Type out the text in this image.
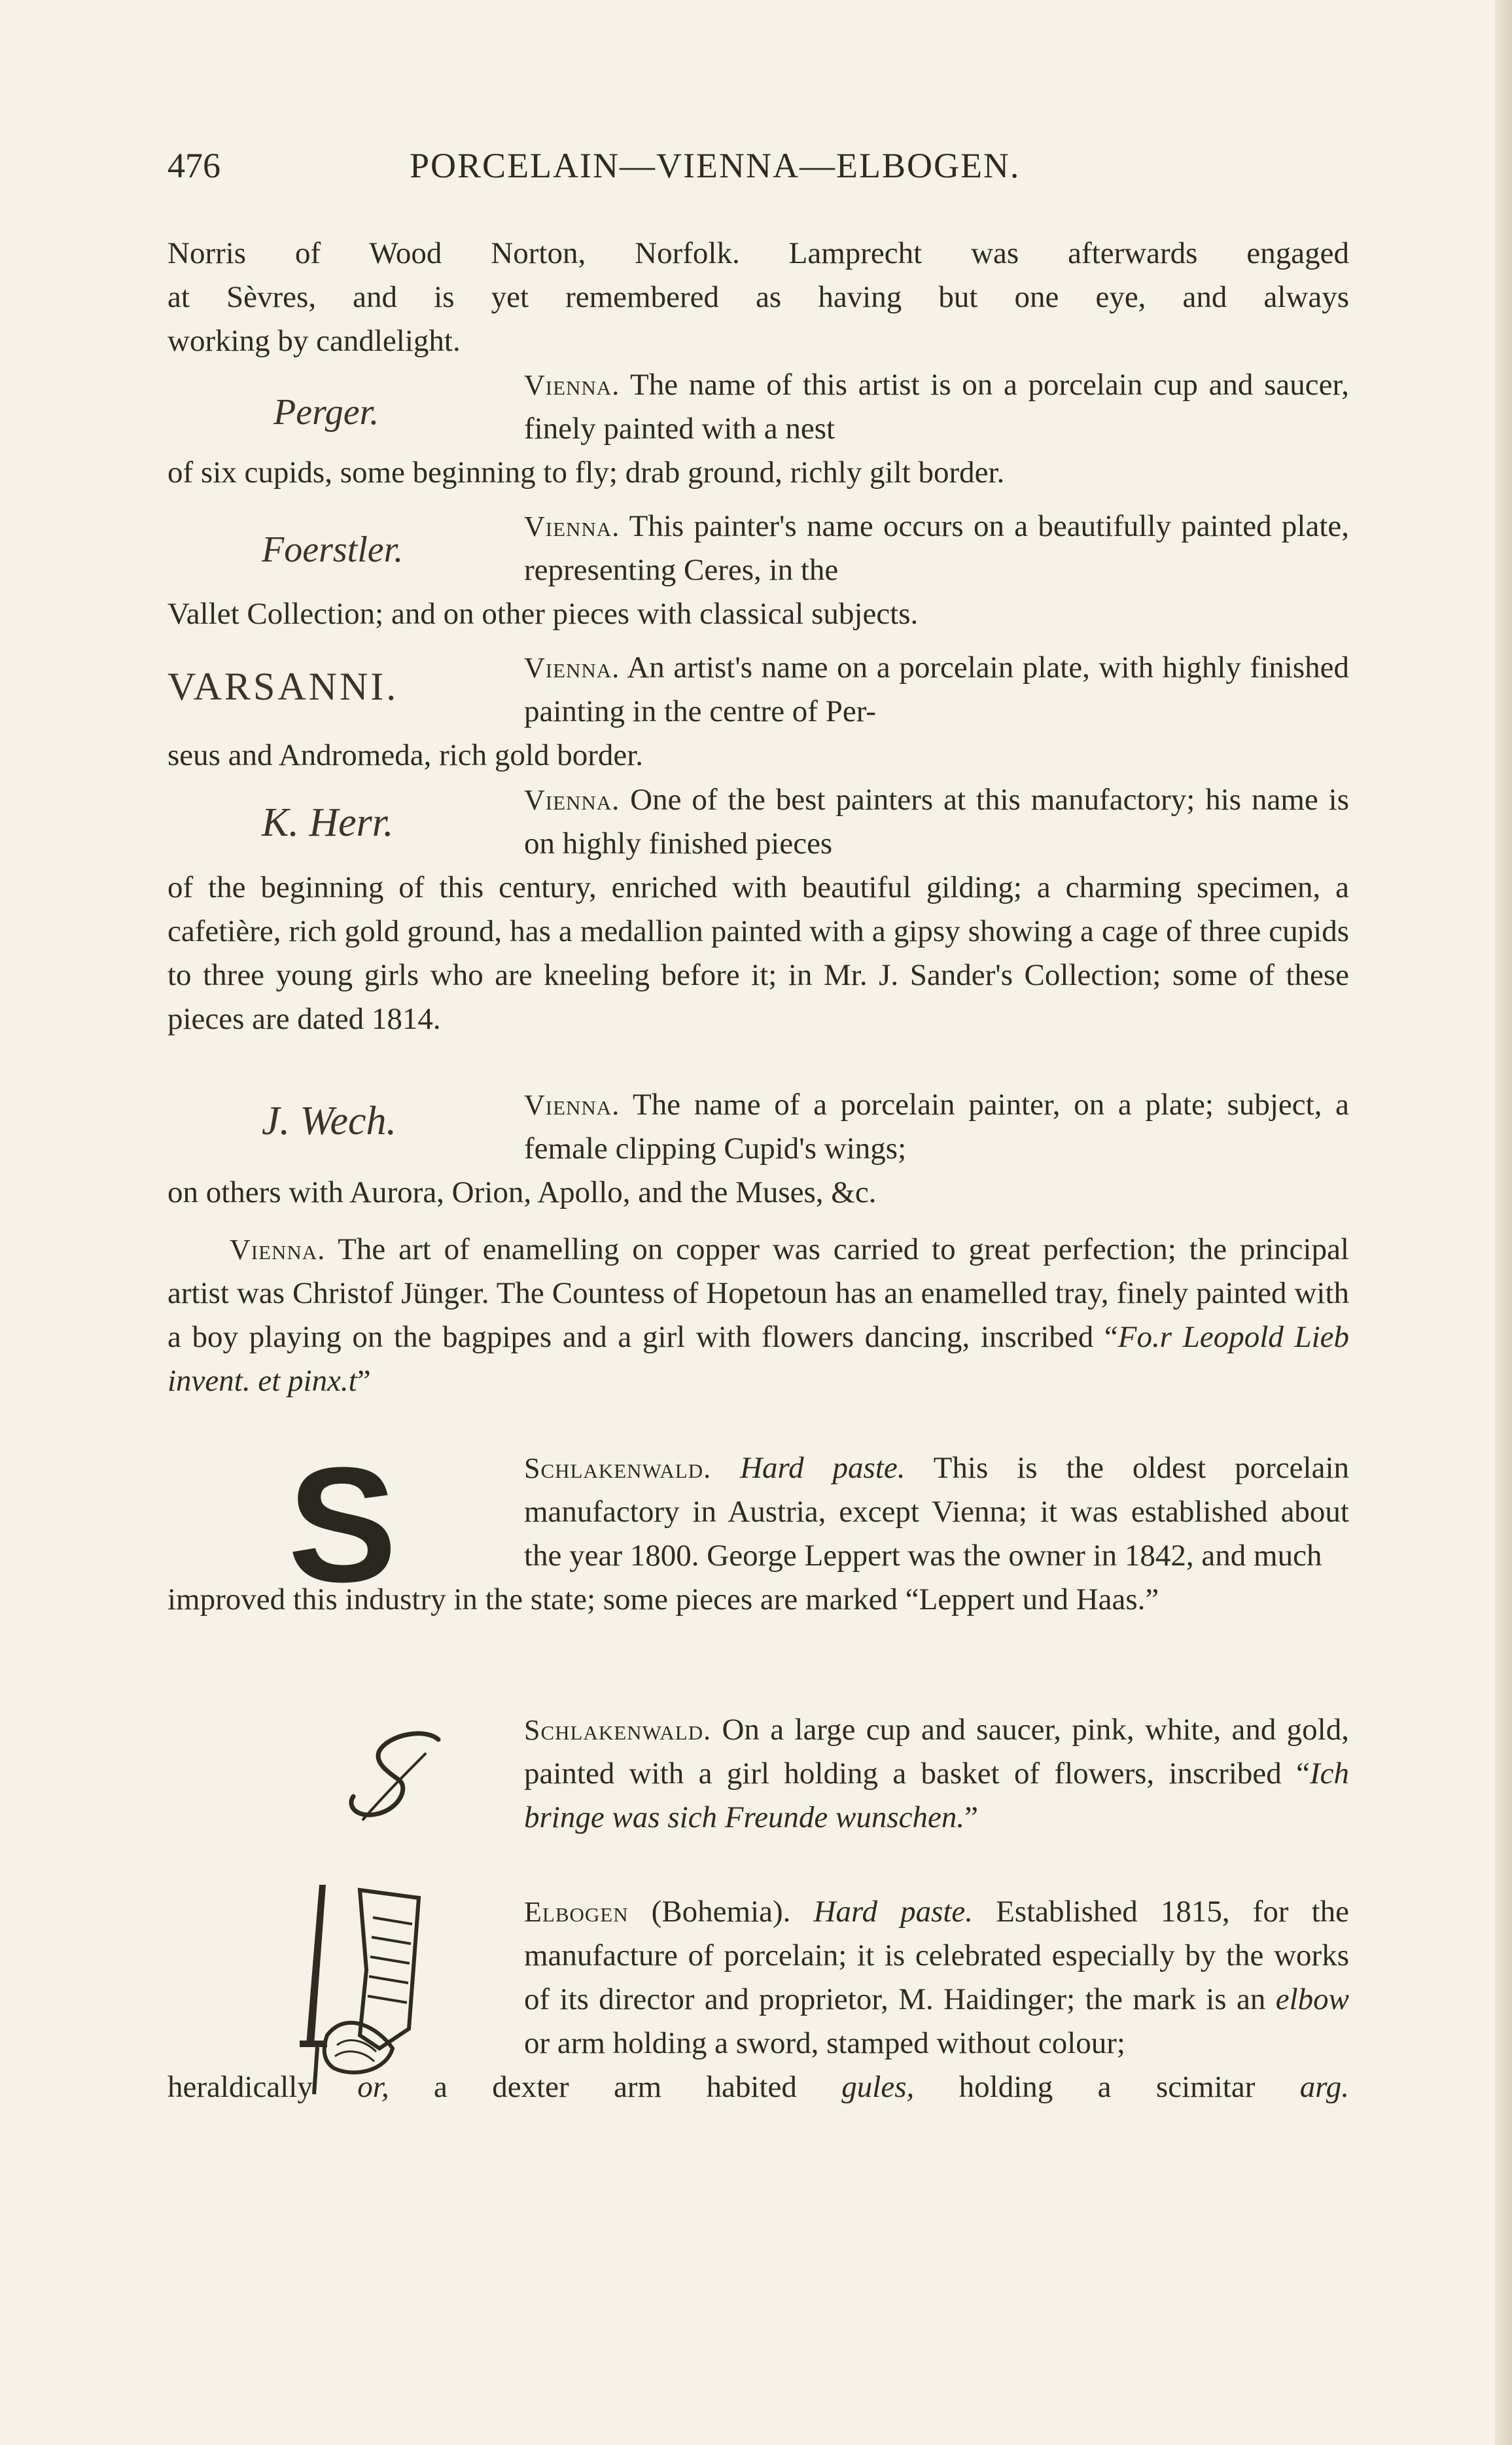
476	PORCELAIN—VIENNA—ELBOGEN.
Norris of Wood Norton, Norfolk. Lamprecht was afterwards engaged
at Sèvres, and is yet remembered as having but one eye, and always
working by candlelight.
Perger.
Vienna. The name of this artist is on a porcelain cup and saucer, finely painted with a nest
of six cupids, some beginning to fly; drab ground, richly gilt border.
Foerstler.
Vienna. This painter's name occurs on a beautifully painted plate, representing Ceres, in the
Vallet Collection; and on other pieces with classical subjects.
VARSANNI.	Vienna. An artist's name on a porcelain plate, with highly finished painting in the centre of Per-
seus and Andromeda, rich gold border.
K. Herr.
Vienna. One of the best painters at this manufactory; his name is on highly finished pieces
of the beginning of this century, enriched with beautiful gilding; a charming specimen, a cafetière, rich gold ground, has a medallion painted with a gipsy showing a cage of three cupids to three young girls who are kneeling before it; in Mr. J. Sander's Collection; some of these pieces are dated 1814.
J. Wech.	Vienna. The name of a porcelain painter, on a plate; subject, a female clipping Cupid's wings;
on others with Aurora, Orion, Apollo, and the Muses, &c.
Vienna. The art of enamelling on copper was carried to great perfection; the principal artist was Christof Jünger. The Countess of Hopetoun has an enamelled tray, finely painted with a boy playing on the bagpipes and a girl with flowers dancing, inscribed “Fo.r Leopold Lieb invent. et pinx.t”
S	Schlakenwald. Hard paste. This is the oldest porcelain manufactory in Austria, except Vienna; it was established about the year 1800. George Leppert was the owner in 1842, and much
improved this industry in the state; some pieces are marked “Leppert und Haas.”
Schlakenwald. On a large cup and saucer, pink, white, and gold, painted with a girl holding a basket of flowers, inscribed “Ich bringe was sich Freunde wunschen.”
Elbogen (Bohemia). Hard paste. Established 1815, for the manufacture of porcelain; it is celebrated especially by the works of its director and proprietor, M. Haidinger; the mark is an elbow or arm holding a sword, stamped without colour;
heraldically or, a dexter arm habited gules, holding a scimitar arg.
